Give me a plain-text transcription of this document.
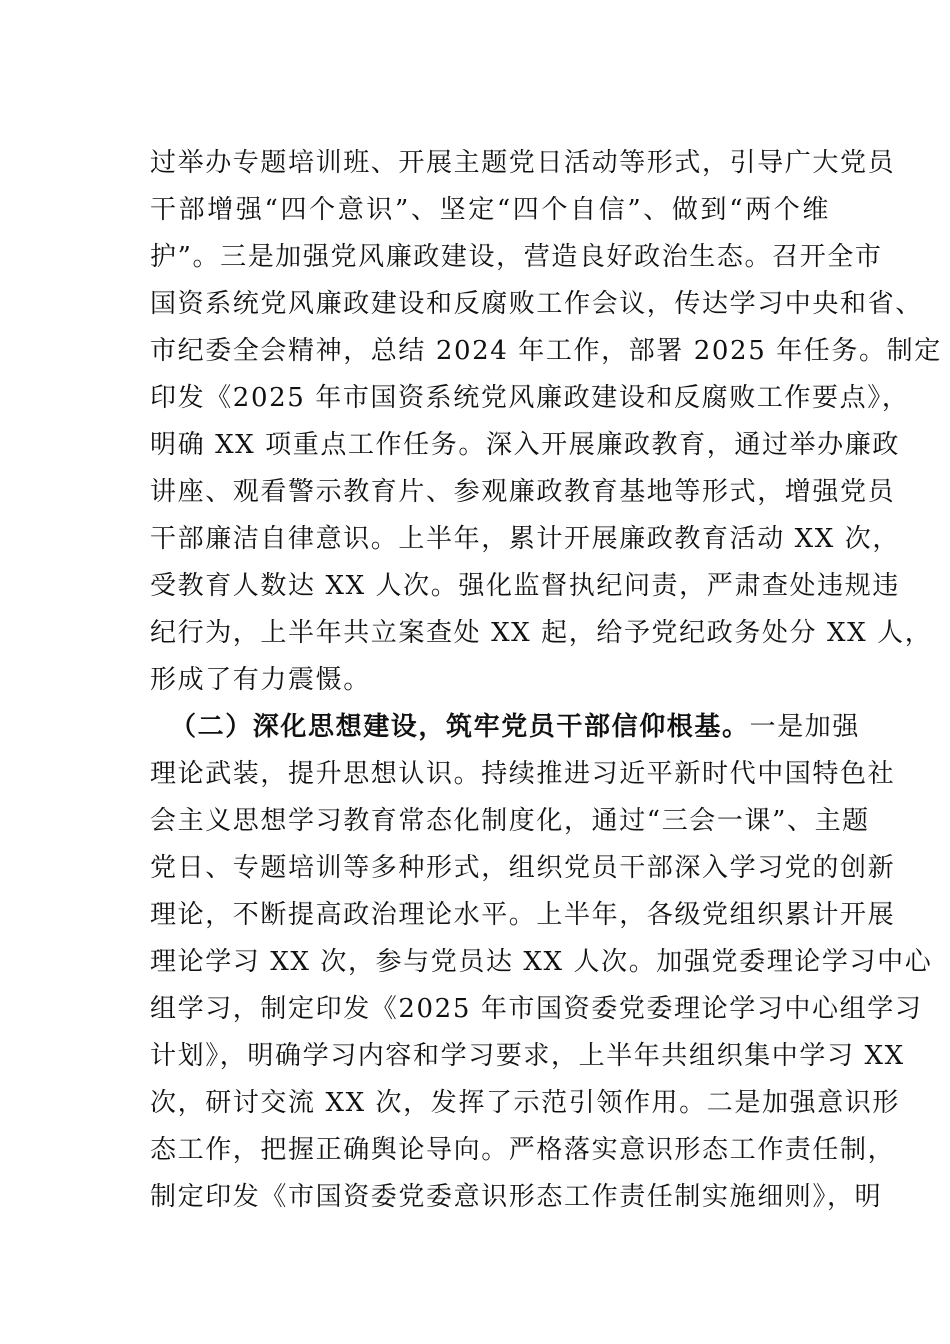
过举办专题培训班、开展主题党日活动等形式，引导广大党员
干部增强“四个意识”、坚定“四个自信”、做到“两个维
护”。三是加强党风廉政建设，营造良好政治生态。召开全市
国资系统党风廉政建设和反腐败工作会议，传达学习中央和省、
市纪委全会精神，总结 2024 年工作，部署 2025 年任务。制定
印发《2025 年市国资系统党风廉政建设和反腐败工作要点》，
明确 XX 项重点工作任务。深入开展廉政教育，通过举办廉政
讲座、观看警示教育片、参观廉政教育基地等形式，增强党员
干部廉洁自律意识。上半年，累计开展廉政教育活动 XX 次，
受教育人数达 XX 人次。强化监督执纪问责，严肃查处违规违
纪行为，上半年共立案查处 XX 起，给予党纪政务处分 XX 人，
形成了有力震慑。
（二）深化思想建设，筑牢党员干部信仰根基。一是加强
理论武装，提升思想认识。持续推进习近平新时代中国特色社
会主义思想学习教育常态化制度化，通过“三会一课”、主题
党日、专题培训等多种形式，组织党员干部深入学习党的创新
理论，不断提高政治理论水平。上半年，各级党组织累计开展
理论学习 XX 次，参与党员达 XX 人次。加强党委理论学习中心
组学习，制定印发《2025 年市国资委党委理论学习中心组学习
计划》，明确学习内容和学习要求，上半年共组织集中学习 XX
次，研讨交流 XX 次，发挥了示范引领作用。二是加强意识形
态工作，把握正确舆论导向。严格落实意识形态工作责任制，
制定印发《市国资委党委意识形态工作责任制实施细则》，明
